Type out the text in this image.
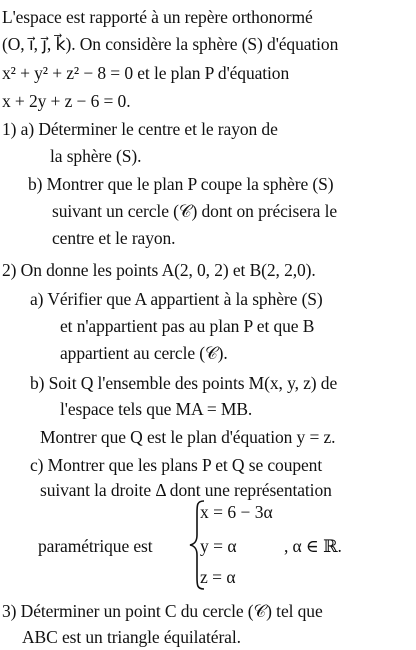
L'espace est rapporté à un repère orthonormé
(O, i⃗, j⃗, k⃗). On considère la sphère (S) d'équation
x² + y² + z² − 8 = 0 et le plan P d'équation
x + 2y + z − 6 = 0.
1) a) Déterminer le centre et le rayon de
la sphère (S).
b) Montrer que le plan P coupe la sphère (S)
suivant un cercle (𝒞) dont on précisera le
centre et le rayon.
2) On donne les points A(2, 0, 2) et B(2, 2,0).
a) Vérifier que A appartient à la sphère (S)
et n'appartient pas au plan P et que B
appartient au cercle (𝒞).
b) Soit Q l'ensemble des points M(x, y, z) de
l'espace tels que MA = MB.
Montrer que Q est le plan d'équation y = z.
c) Montrer que les plans P et Q se coupent
suivant la droite Δ dont une représentation
paramétrique est
x = 6 − 3α
y = α
z = α
, α ∈ ℝ.
3) Déterminer un point C du cercle (𝒞) tel que
ABC est un triangle équilatéral.
